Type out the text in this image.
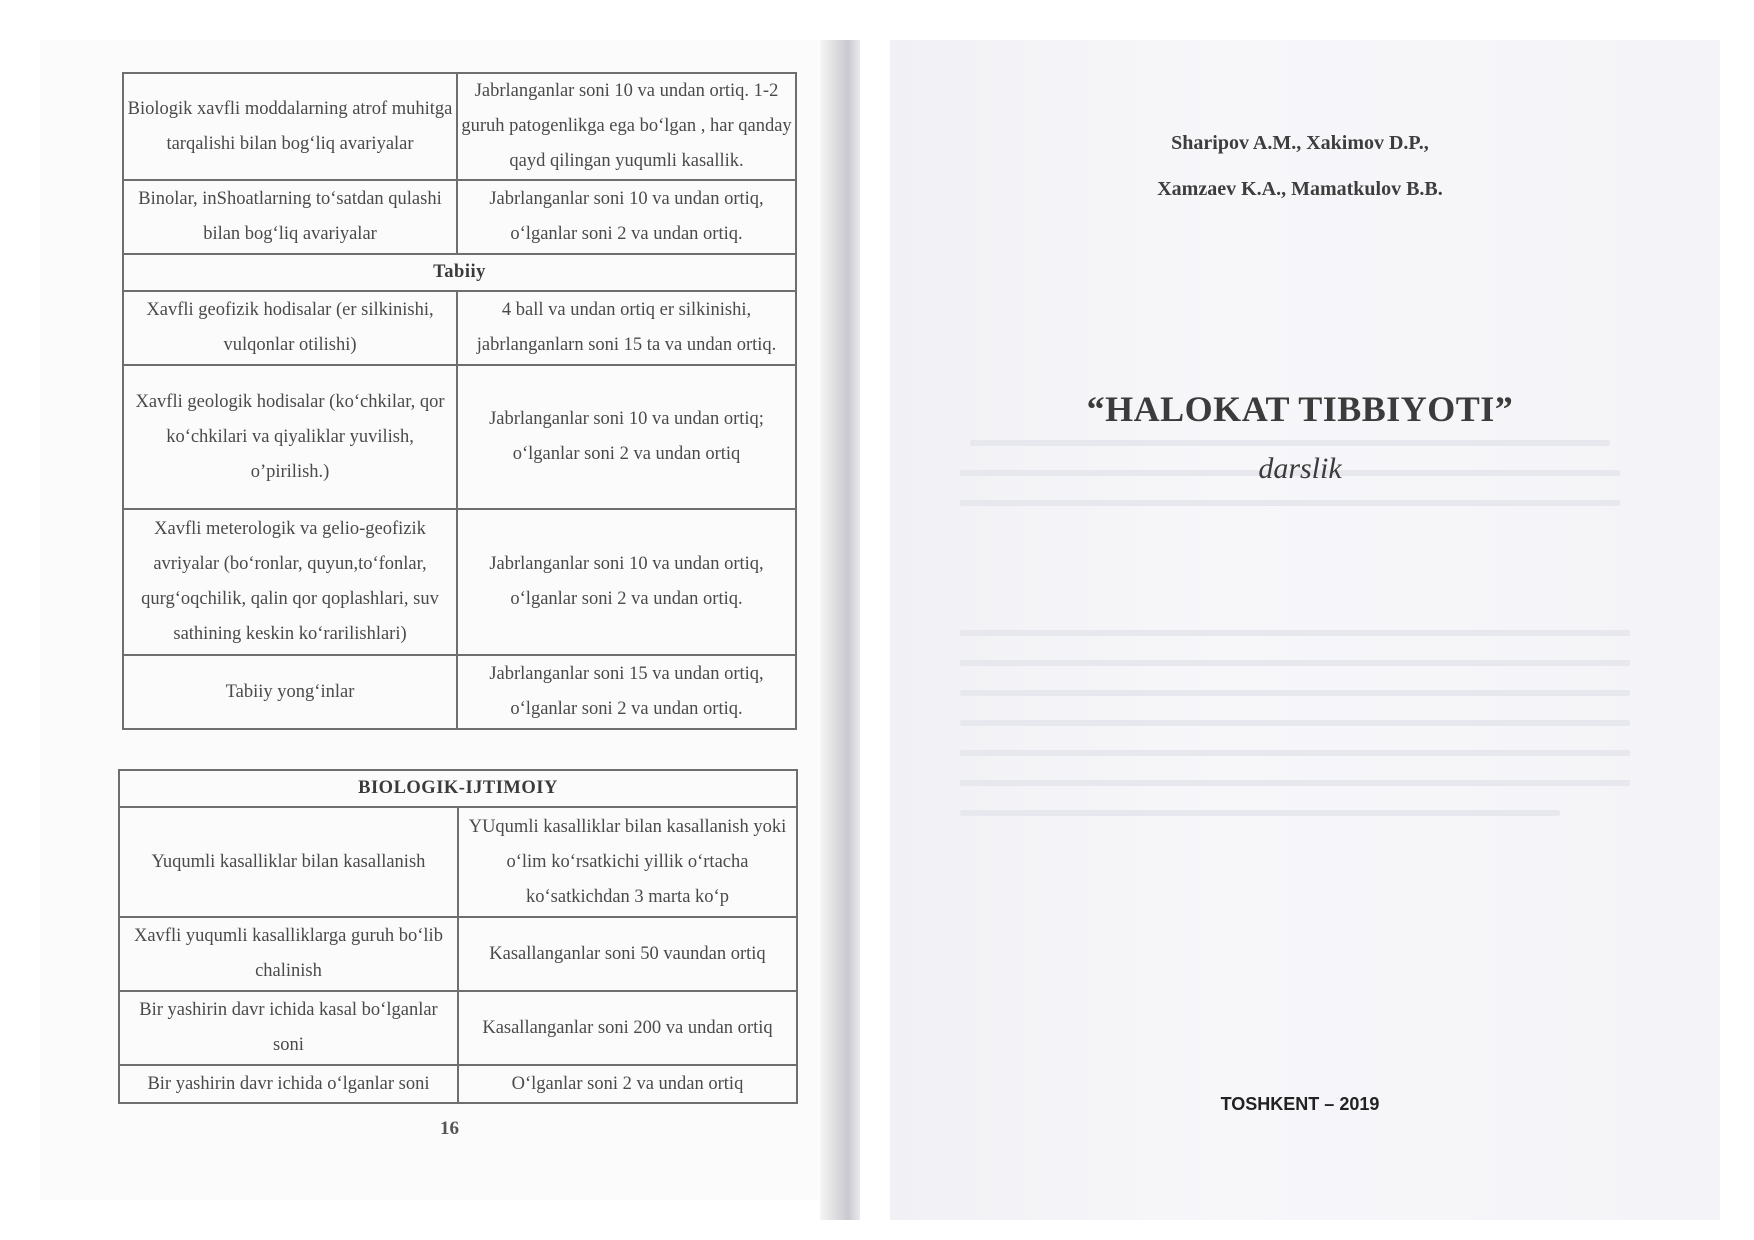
Biologik xavfli moddalarning atrof muhitga tarqalishi bilan bog‘liq avariyalar	Jabrlanganlar soni 10 va undan ortiq. 1-2 guruh patogenlikga ega bo‘lgan , har qanday qayd qilingan yuqumli kasallik.
Binolar, inShoatlarning to‘satdan qulashi bilan bog‘liq avariyalar	Jabrlanganlar soni 10 va undan ortiq, o‘lganlar soni 2 va undan ortiq.
Tabiiy	
Xavfli geofizik hodisalar (er silkinishi, vulqonlar otilishi)	4 ball va undan ortiq er silkinishi, jabrlanganlarn soni 15 ta va undan ortiq.
Xavfli geologik hodisalar (ko‘chkilar, qor ko‘chkilari va qiyaliklar yuvilish, o’pirilish.)	Jabrlanganlar soni 10 va undan ortiq; o‘lganlar soni 2 va undan ortiq
Xavfli meterologik va gelio-geofizik avriyalar (bo‘ronlar, quyun,to‘fonlar, qurg‘oqchilik, qalin qor qoplashlari, suv sathining keskin ko‘rarilishlari)	Jabrlanganlar soni 10 va undan ortiq, o‘lganlar soni 2 va undan ortiq.
Tabiiy yong‘inlar	Jabrlanganlar soni 15 va undan ortiq, o‘lganlar soni 2 va undan ortiq.
BIOLOGIK-IJTIMOIY	
Yuqumli kasalliklar bilan kasallanish	YUqumli kasalliklar bilan kasallanish yoki o‘lim ko‘rsatkichi yillik o‘rtacha ko‘satkichdan 3 marta ko‘p
Xavfli yuqumli kasalliklarga guruh bo‘lib chalinish	Kasallanganlar soni 50 vaundan ortiq
Bir yashirin davr ichida kasal bo‘lganlar soni	Kasallanganlar soni 200 va undan ortiq
Bir yashirin davr ichida o‘lganlar soni	O‘lganlar soni 2 va undan ortiq
16
Sharipov A.M., Xakimov D.P.,
Xamzaev K.A., Mamatkulov B.B.
“HALOKAT TIBBIYOTI”
darslik
TOSHKENT – 2019
